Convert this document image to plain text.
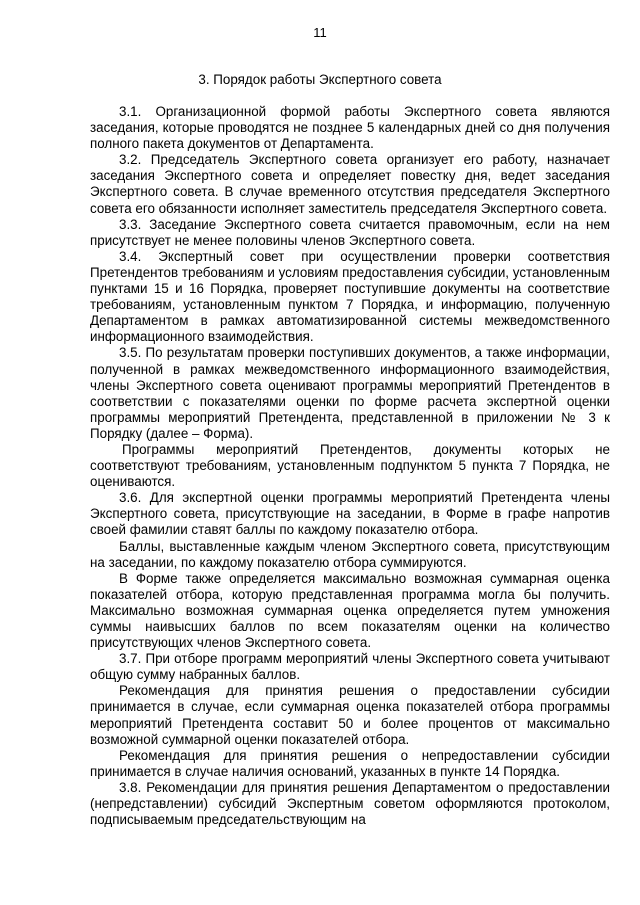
11
3. Порядок работы Экспертного совета

3.1. Организационной формой работы Экспертного совета являются заседания, которые проводятся не позднее 5 календарных дней со дня получения полного пакета документов от Департамента.

3.2. Председатель Экспертного совета организует его работу, назначает заседания Экспертного совета и определяет повестку дня, ведет заседания Экспертного совета. В случае временного отсутствия председателя Экспертного совета его обязанности исполняет заместитель председателя Экспертного совета.

3.3. Заседание Экспертного совета считается правомочным, если на нем присутствует не менее половины членов Экспертного совета.

3.4. Экспертный совет при осуществлении проверки соответствия Претендентов требованиям и условиям предоставления субсидии, установленным пунктами 15 и 16 Порядка, проверяет поступившие документы на соответствие требованиям, установленным пунктом 7 Порядка, и информацию, полученную Департаментом в рамках автоматизированной системы межведомственного информационного взаимодействия.

3.5. По результатам проверки поступивших документов, а также информации, полученной в рамках межведомственного информационного взаимодействия, члены Экспертного совета оценивают программы мероприятий Претендентов в соответствии с показателями оценки по форме расчета экспертной оценки программы мероприятий Претендента, представленной в приложении № 3 к Порядку (далее – Форма).

Программы мероприятий Претендентов, документы которых не соответствуют требованиям, установленным подпунктом 5 пункта 7 Порядка, не оцениваются.

3.6. Для экспертной оценки программы мероприятий Претендента члены Экспертного совета, присутствующие на заседании, в Форме в графе напротив своей фамилии ставят баллы по каждому показателю отбора.

Баллы, выставленные каждым членом Экспертного совета, присутствующим на заседании, по каждому показателю отбора суммируются.

В Форме также определяется максимально возможная суммарная оценка показателей отбора, которую представленная программа могла бы получить. Максимально возможная суммарная оценка определяется путем умножения суммы наивысших баллов по всем показателям оценки на количество присутствующих членов Экспертного совета.

3.7. При отборе программ мероприятий члены Экспертного совета учитывают общую сумму набранных баллов.

Рекомендация для принятия решения о предоставлении субсидии принимается в случае, если суммарная оценка показателей отбора программы мероприятий Претендента составит 50 и более процентов от максимально возможной суммарной оценки показателей отбора.

Рекомендация для принятия решения о непредоставлении субсидии принимается в случае наличия оснований, указанных в пункте 14 Порядка.

3.8. Рекомендации для принятия решения Департаментом о предоставлении (непредставлении) субсидий Экспертным советом оформляются протоколом, подписываемым председательствующим на
